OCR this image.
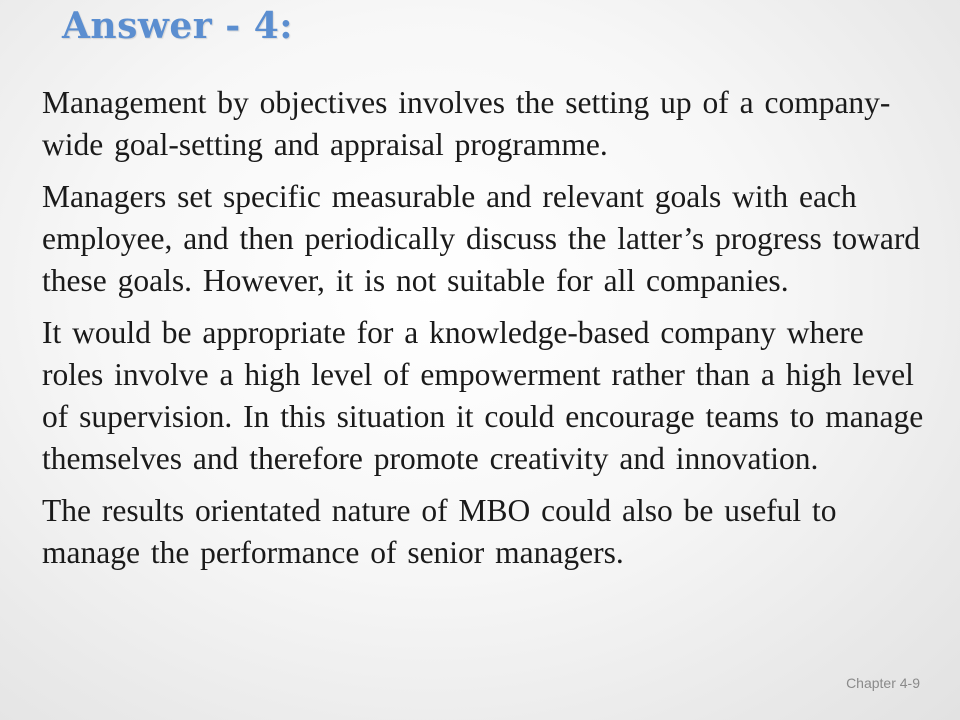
Answer - 4:

Management by objectives involves the setting up of a company-wide goal-setting and appraisal programme.

Managers set specific measurable and relevant goals with each employee, and then periodically discuss the latter’s progress toward these goals. However, it is not suitable for all companies.

It would be appropriate for a knowledge-based company where roles involve a high level of empowerment rather than a high level of supervision. In this situation it could encourage teams to manage themselves and therefore promote creativity and innovation.

The results orientated nature of MBO could also be useful to manage the performance of senior managers.

Chapter 4-9
